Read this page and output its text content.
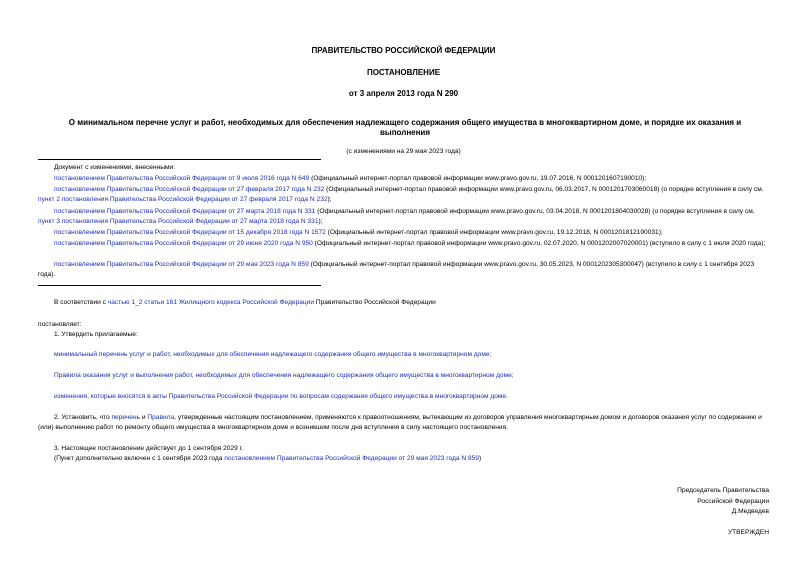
ПРАВИТЕЛЬСТВО РОССИЙСКОЙ ФЕДЕРАЦИИ
ПОСТАНОВЛЕНИЕ
от 3 апреля 2013 года N 290
О минимальном перечне услуг и работ, необходимых для обеспечения надлежащего содержания общего имущества в многоквартирном доме, и порядке их оказания и выполнения
(с изменениями на 29 мая 2023 года)
Документ с изменениями, внесенными:
постановлением Правительства Российской Федерации от 9 июля 2016 года N 649 (Официальный интернет-портал правовой информации www.pravo.gov.ru, 19.07.2016, N 0001201607190010);
постановлением Правительства Российской Федерации от 27 февраля 2017 года N 232 (Официальный интернет-портал правовой информации www.pravo.gov.ru, 06.03.2017, N 0001201703060018) (о порядке вступления в силу см. пункт 2 постановления Правительства Российской Федерации от 27 февраля 2017 года N 232);
постановлением Правительства Российской Федерации от 27 марта 2018 года N 331 (Официальный интернет-портал правовой информации www.pravo.gov.ru, 03.04.2018, N 0001201804030028) (о порядке вступления в силу см. пункт 3 постановления Правительства Российской Федерации от 27 марта 2018 года N 331);
постановлением Правительства Российской Федерации от 15 декабря 2018 года N 1572 (Официальный интернет-портал правовой информации www.pravo.gov.ru, 19.12.2018, N 0001201812190031);
постановлением Правительства Российской Федерации от 29 июня 2020 года N 950 (Официальный интернет-портал правовой информации www.pravo.gov.ru, 02.07.2020, N 0001202007020001) (вступило в силу с 1 июля 2020 года);
постановлением Правительства Российской Федерации от 29 мая 2023 года N 859 (Официальный интернет-портал правовой информации www.pravo.gov.ru, 30.05.2023, N 0001202305300047) (вступило в силу с 1 сентября 2023 года).
В соответствии с частью 1_2 статьи 161 Жилищного кодекса Российской Федерации Правительство Российской Федерации
постановляет:
1. Утвердить прилагаемые:
минимальный перечень услуг и работ, необходимых для обеспечения надлежащего содержания общего имущества в многоквартирном доме;
Правила оказания услуг и выполнения работ, необходимых для обеспечения надлежащего содержания общего имущества в многоквартирном доме;
изменения, которые вносятся в акты Правительства Российской Федерации по вопросам содержания общего имущества в многоквартирном доме.
2. Установить, что перечень и Правила, утвержденные настоящим постановлением, применяются к правоотношениям, вытекающим из договоров управления многоквартирным домом и договоров оказания услуг по содержанию и (или) выполнению работ по ремонту общего имущества в многоквартирном доме и возникшим после дня вступления в силу настоящего постановления.
3. Настоящее постановление действует до 1 сентября 2029 г.
(Пункт дополнительно включен с 1 сентября 2023 года постановлением Правительства Российской Федерации от 29 мая 2023 года N 859)
Председатель Правительства
Российской Федерации
Д.Медведев
УТВЕРЖДЕН
